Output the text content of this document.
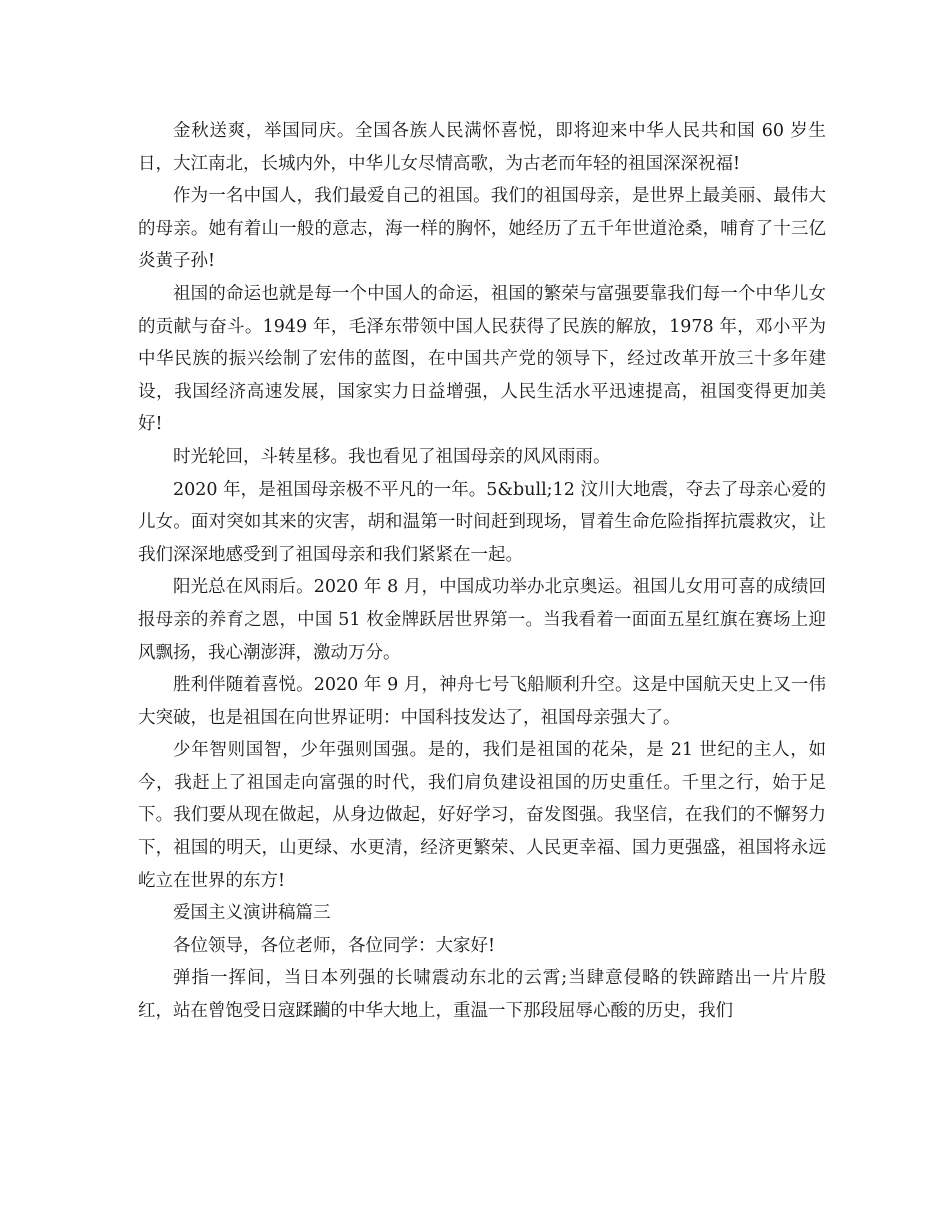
金秋送爽，举国同庆。全国各族人民满怀喜悦，即将迎来中华人民共和国 60 岁生日，大江南北，长城内外，中华儿女尽情高歌，为古老而年轻的祖国深深祝福!

作为一名中国人，我们最爱自己的祖国。我们的祖国母亲，是世界上最美丽、最伟大的母亲。她有着山一般的意志，海一样的胸怀，她经历了五千年世道沧桑，哺育了十三亿炎黄子孙!

祖国的命运也就是每一个中国人的命运，祖国的繁荣与富强要靠我们每一个中华儿女的贡献与奋斗。1949 年，毛泽东带领中国人民获得了民族的解放，1978 年，邓小平为中华民族的振兴绘制了宏伟的蓝图，在中国共产党的领导下，经过改革开放三十多年建设，我国经济高速发展，国家实力日益增强，人民生活水平迅速提高，祖国变得更加美好!

时光轮回，斗转星移。我也看见了祖国母亲的风风雨雨。

2020 年，是祖国母亲极不平凡的一年。5&bull;12 汶川大地震，夺去了母亲心爱的儿女。面对突如其来的灾害，胡和温第一时间赶到现场，冒着生命危险指挥抗震救灾，让我们深深地感受到了祖国母亲和我们紧紧在一起。

阳光总在风雨后。2020 年 8 月，中国成功举办北京奥运。祖国儿女用可喜的成绩回报母亲的养育之恩，中国 51 枚金牌跃居世界第一。当我看着一面面五星红旗在赛场上迎风飘扬，我心潮澎湃，激动万分。

胜利伴随着喜悦。2020 年 9 月，神舟七号飞船顺利升空。这是中国航天史上又一伟大突破，也是祖国在向世界证明：中国科技发达了，祖国母亲强大了。

少年智则国智，少年强则国强。是的，我们是祖国的花朵，是 21 世纪的主人，如今，我赶上了祖国走向富强的时代，我们肩负建设祖国的历史重任。千里之行，始于足下。我们要从现在做起，从身边做起，好好学习，奋发图强。我坚信，在我们的不懈努力下，祖国的明天，山更绿、水更清，经济更繁荣、人民更幸福、国力更强盛，祖国将永远屹立在世界的东方!

爱国主义演讲稿篇三

各位领导，各位老师，各位同学：大家好!

弹指一挥间，当日本列强的长啸震动东北的云霄;当肆意侵略的铁蹄踏出一片片殷红，站在曾饱受日寇蹂躏的中华大地上，重温一下那段屈辱心酸的历史，我们
